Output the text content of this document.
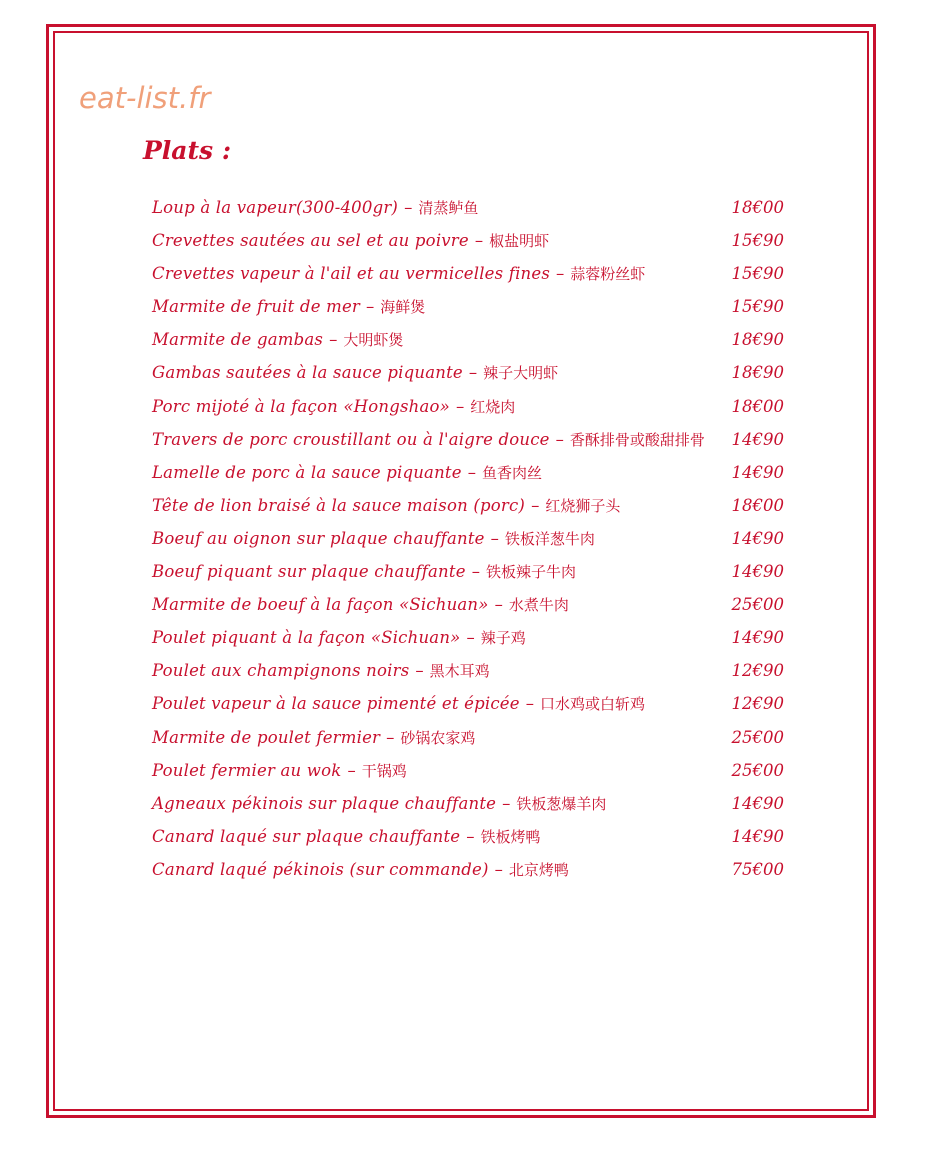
eat-list.fr
Plats :
Loup à la vapeur(300-400gr) – 清蒸鲈鱼	18€00
Crevettes sautées au sel et au poivre – 椒盐明虾	15€90
Crevettes vapeur à l'ail et au vermicelles fines – 蒜蓉粉丝虾	15€90
Marmite de fruit de mer – 海鲜煲	15€90
Marmite de gambas – 大明虾煲	18€90
Gambas sautées à la sauce piquante – 辣子大明虾	18€90
Porc mijoté à la façon «Hongshao» – 红烧肉	18€00
Travers de porc croustillant ou à l'aigre douce – 香酥排骨或酸甜排骨	14€90
Lamelle de porc à la sauce piquante – 鱼香肉丝	14€90
Tête de lion braisé à la sauce maison (porc) – 红烧狮子头	18€00
Boeuf au oignon sur plaque chauffante – 铁板洋葱牛肉	14€90
Boeuf piquant sur plaque chauffante – 铁板辣子牛肉	14€90
Marmite de boeuf à la façon «Sichuan» – 水煮牛肉	25€00
Poulet piquant à la façon «Sichuan» – 辣子鸡	14€90
Poulet aux champignons noirs – 黑木耳鸡	12€90
Poulet vapeur à la sauce pimenté et épicée – 口水鸡或白斩鸡	12€90
Marmite de poulet fermier – 砂锅农家鸡	25€00
Poulet fermier au wok – 干锅鸡	25€00
Agneaux pékinois sur plaque chauffante – 铁板葱爆羊肉	14€90
Canard laqué sur plaque chauffante – 铁板烤鸭	14€90
Canard laqué pékinois (sur commande) – 北京烤鸭	75€00
